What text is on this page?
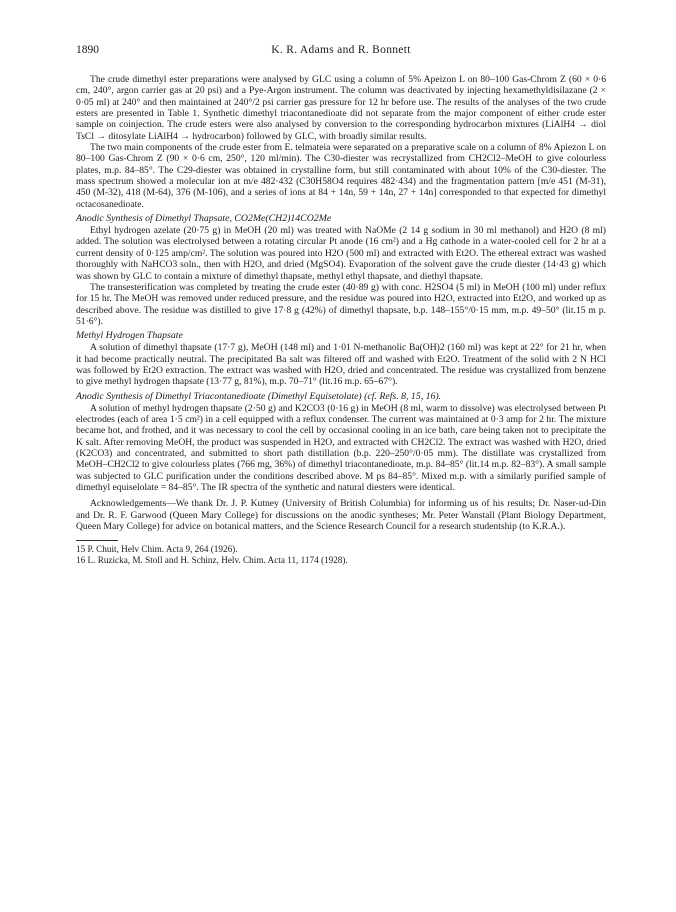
1890	K. R. Adams and R. Bonnett

The crude dimethyl ester preparations were analysed by GLC using a column of 5% Apeizon L on 80–100 Gas-Chrom Z (60 × 0·6 cm, 240°, argon carrier gas at 20 psi) and a Pye-Argon instrument. The column was deactivated by injecting hexamethyldisilazane (2 × 0·05 ml) at 240° and then maintained at 240°/2 psi carrier gas pressure for 12 hr before use. The results of the analyses of the two crude esters are presented in Table 1. Synthetic dimethyl triacontanedioate did not separate from the major component of either crude ester sample on coinjection. The crude esters were also analysed by conversion to the corresponding hydrocarbon mixtures (LiAlH4 → diol TsCl → ditosylate LiAlH4 → hydrocarbon) followed by GLC, with broadly similar results.

The two main components of the crude ester from E. telmateia were separated on a preparative scale on a column of 8% Apiezon L on 80–100 Gas-Chrom Z (90 × 0·6 cm, 250°, 120 ml/min). The C30-diester was recrystallized from CH2Cl2–MeOH to give colourless plates, m.p. 84–85°. The C29-diester was obtained in crystalline form, but still contaminated with about 10% of the C30-diester. The mass spectrum showed a molecular ion at m/e 482·432 (C30H58O4 requires 482·434) and the fragmentation pattern [m/e 451 (M-31), 450 (M-32), 418 (M-64), 376 (M-106), and a series of ions at 84 + 14n, 59 + 14n, 27 + 14n] corresponded to that expected for dimethyl octacosanedioate.

Anodic Synthesis of Dimethyl Thapsate, CO2Me(CH2)14CO2Me

Ethyl hydrogen azelate (20·75 g) in MeOH (20 ml) was treated with NaOMe (2 14 g sodium in 30 ml methanol) and H2O (8 ml) added. The solution was electrolysed between a rotating circular Pt anode (16 cm²) and a Hg cathode in a water-cooled cell for 2 hr at a current density of 0·125 amp/cm². The solution was poured into H2O (500 ml) and extracted with Et2O. The ethereal extract was washed thoroughly with NaHCO3 soln., then with H2O, and dried (MgSO4). Evaporation of the solvent gave the crude diester (14·43 g) which was shown by GLC to contain a mixture of dimethyl thapsate, methyl ethyl thapsate, and diethyl thapsate.

The transesterification was completed by treating the crude ester (40·89 g) with conc. H2SO4 (5 ml) in MeOH (100 ml) under reflux for 15 hr. The MeOH was removed under reduced pressure, and the residue was poured into H2O, extracted into Et2O, and worked up as described above. The residue was distilled to give 17·8 g (42%) of dimethyl thapsate, b.p. 148–155°/0·15 mm, m.p. 49–50° (lit.15 m p. 51·6°).

Methyl Hydrogen Thapsate

A solution of dimethyl thapsate (17·7 g), MeOH (148 ml) and 1·01 N-methanolic Ba(OH)2 (160 ml) was kept at 22° for 21 hr, when it had become practically neutral. The precipitated Ba salt was filtered off and washed with Et2O. Treatment of the solid with 2 N HCl was followed by Et2O extraction. The extract was washed with H2O, dried and concentrated. The residue was crystallized from benzene to give methyl hydrogen thapsate (13·77 g, 81%), m.p. 70–71° (lit.16 m.p. 65–67°).

Anodic Synthesis of Dimethyl Triacontanedioate (Dimethyl Equisetolate) (cf. Refs. 8, 15, 16).

A solution of methyl hydrogen thapsate (2·50 g) and K2CO3 (0·16 g) in MeOH (8 ml, warm to dissolve) was electrolysed between Pt electrodes (each of area 1·5 cm²) in a cell equipped with a reflux condenser. The current was maintained at 0·3 amp for 2 hr. The mixture became hot, and frothed, and it was necessary to cool the cell by occasional cooling in an ice bath, care being taken not to precipitate the K salt. After removing MeOH, the product was suspended in H2O, and extracted with CH2Cl2. The extract was washed with H2O, dried (K2CO3) and concentrated, and submitted to short path distillation (b.p. 220–250°/0·05 mm). The distillate was crystallized from MeOH–CH2Cl2 to give colourless plates (766 mg, 36%) of dimethyl triacontanedioate, m.p. 84–85° (lit.14 m.p. 82–83°). A small sample was subjected to GLC purification under the conditions described above. M ps 84–85°. Mixed m.p. with a similarly purified sample of dimethyl equiselolate = 84–85°. The IR spectra of the synthetic and natural diesters were identical.

Acknowledgements—We thank Dr. J. P. Kutney (University of British Columbia) for informing us of his results; Dr. Naser-ud-Din and Dr. R. F. Garwood (Queen Mary College) for discussions on the anodic syntheses; Mr. Peter Wanstall (Plant Biology Department, Queen Mary College) for advice on botanical matters, and the Science Research Council for a research studentship (to K.R.A.).

15 P. Chuit, Helv Chim. Acta 9, 264 (1926).

16 L. Ruzicka, M. Stoll and H. Schinz, Helv. Chim. Acta 11, 1174 (1928).
